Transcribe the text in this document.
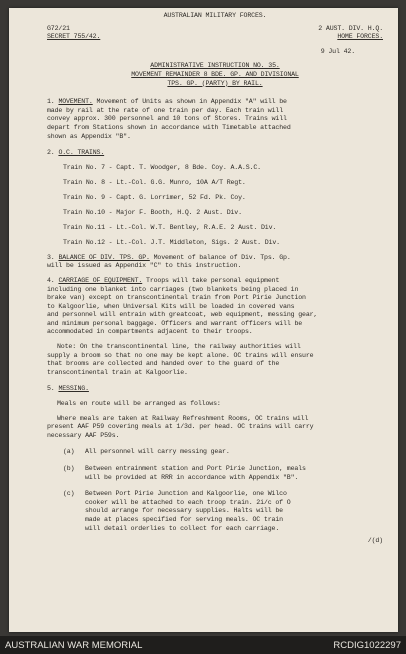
AUSTRALIAN MILITARY FORCES.
G72/21	2 AUST. DIV. H.Q.
SECRET 755/42.	HOME FORCES.
9 Jul 42.
ADMINISTRATIVE INSTRUCTION NO. 35.
MOVEMENT REMAINDER 8 BDE. GP. AND DIVISIONAL
TPS. GP. (PARTY) BY RAIL.
1. MOVEMENT. Movement of Units as shown in Appendix "A" will be
made by rail at the rate of one train per day. Each train will
convey approx. 300 personnel and 10 tons of Stores. Trains will
depart from Stations shown in accordance with Timetable attached
shown as Appendix "B".
2. O.C. TRAINS.
Train No. 7 - Capt. T. Woodger, 8 Bde. Coy. A.A.S.C.
Train No. 8 - Lt.-Col. G.G. Munro, 10A A/T Regt.
Train No. 9 - Capt. G. Lorrimer, 52 Fd. Pk. Coy.
Train No.10 - Major F. Booth, H.Q. 2 Aust. Div.
Train No.11 - Lt.-Col. W.T. Bentley, R.A.E. 2 Aust. Div.
Train No.12 - Lt.-Col. J.T. Middleton, Sigs. 2 Aust. Div.
3. BALANCE OF DIV. TPS. GP. Movement of balance of Div. Tps. Gp.
will be issued as Appendix "C" to this instruction.
4. CARRIAGE OF EQUIPMENT. Troops will take personal equipment
including one blanket into carriages (two blankets being placed in
brake van) except on transcontinental train from Port Pirie Junction
to Kalgoorlie, when Universal Kits will be loaded in covered vans
and personnel will entrain with greatcoat, web equipment, messing gear,
and minimum personal baggage. Officers and warrant officers will be
accommodated in compartments adjacent to their troops.
Note: On the transcontinental line, the railway authorities will
supply a broom so that no one may be kept alone. OC trains will ensure
that brooms are collected and handed over to the guard of the
transcontinental train at Kalgoorlie.
5. MESSING.
Meals en route will be arranged as follows:
Where meals are taken at Railway Refreshment Rooms, OC trains will
present AAF P59 covering meals at 1/3d. per head. OC trains will carry
necessary AAF P59s.
(a)	All personnel will carry messing gear.
(b)	Between entrainment station and Port Pirie Junction, meals
will be provided at RRR in accordance with Appendix "B".
(c)	Between Port Pirie Junction and Kalgoorlie, one Wilco
cooker will be attached to each troop train. 2i/c of O
should arrange for necessary supplies. Halts will be
made at places specified for serving meals. OC train
will detail orderlies to collect for each carriage.
/(d)
AUSTRALIAN WAR MEMORIAL	RCDIG1022297
